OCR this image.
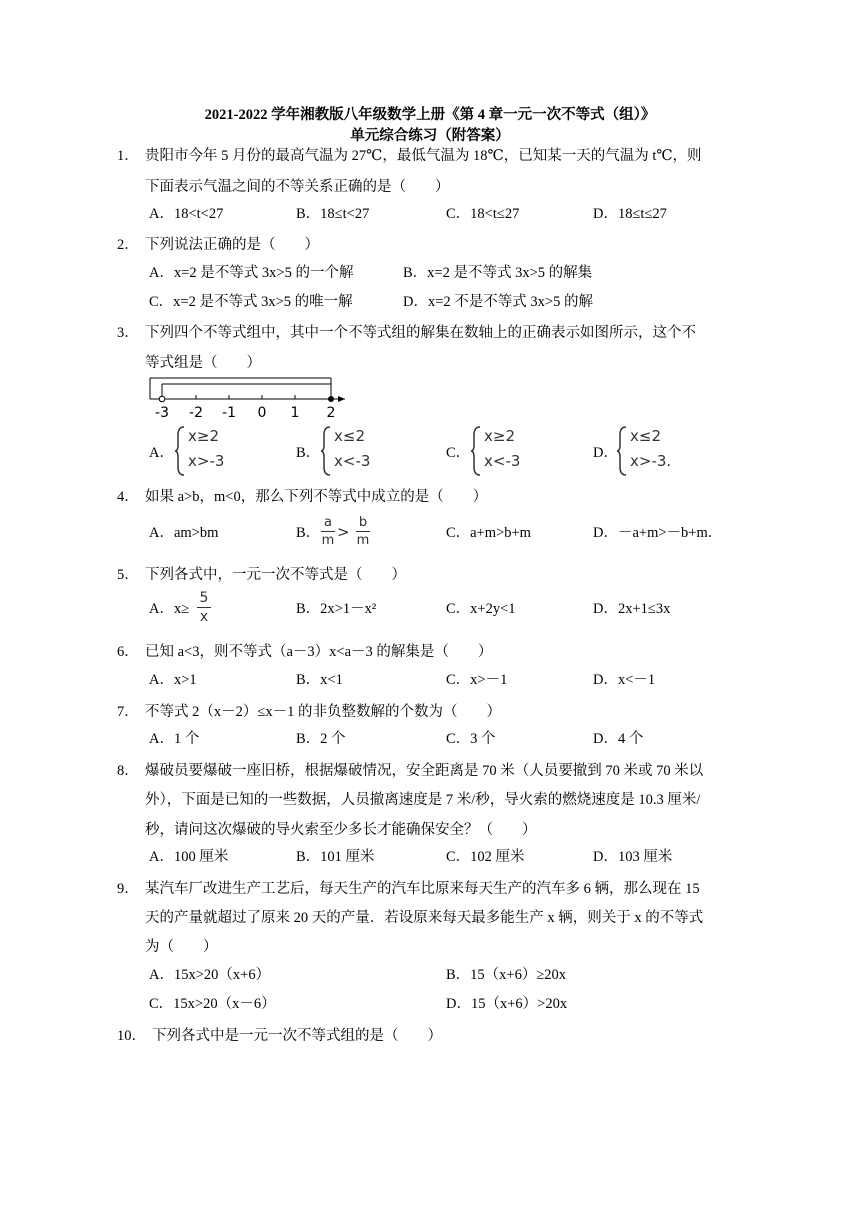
2021-2022 学年湘教版八年级数学上册《第 4 章一元一次不等式（组）》
单元综合练习（附答案）
1． 贵阳市今年 5 月份的最高气温为 27℃，最低气温为 18℃，已知某一天的气温为 t℃，则
下面表示气温之间的不等关系正确的是（　　）
A．18<t<27	B．18≤t<27	C．18<t≤27	D．18≤t≤27
2． 下列说法正确的是（　　）
A．x=2 是不等式 3x>5 的一个解	B．x=2 是不等式 3x>5 的解集
C．x=2 是不等式 3x>5 的唯一解	D．x=2 不是不等式 3x>5 的解
3． 下列四个不等式组中，其中一个不等式组的解集在数轴上的正确表示如图所示，这个不
等式组是（　　）
-3 -2 -1 0 1 2
A．
x≥2
x>-3	B．
x≤2
x<-3	C．
x≥2
x<-3	D．
x≤2
x>-3.
4． 如果 a>b，m<0，那么下列不等式中成立的是（　　）
A．am>bm	B．
a
m >
b
m	C．a+m>b+m	D．－a+m>－b+m．
5． 下列各式中，一元一次不等式是（　　）
A．x≥
5
x	B．2x>1－x²	C．x+2y<1	D．2x+1≤3x
6． 已知 a<3，则不等式（a－3）x<a－3 的解集是（　　）
A．x>1	B．x<1	C．x>－1	D．x<－1
7． 不等式 2（x－2）≤x－1 的非负整数解的个数为（　　）
A．1 个	B．2 个	C．3 个	D．4 个
8． 爆破员要爆破一座旧桥，根据爆破情况，安全距离是 70 米（人员要撤到 70 米或 70 米以
外），下面是已知的一些数据，人员撤离速度是 7 米/秒，导火索的燃烧速度是 10.3 厘米/
秒，请问这次爆破的导火索至少多长才能确保安全？（　　）
A．100 厘米	B．101 厘米	C．102 厘米	D．103 厘米
9． 某汽车厂改进生产工艺后，每天生产的汽车比原来每天生产的汽车多 6 辆，那么现在 15
天的产量就超过了原来 20 天的产量．若设原来每天最多能生产 x 辆，则关于 x 的不等式
为（　　）
A．15x>20（x+6）	B．15（x+6）≥20x
C．15x>20（x－6）	D．15（x+6）>20x
10． 下列各式中是一元一次不等式组的是（　　）
